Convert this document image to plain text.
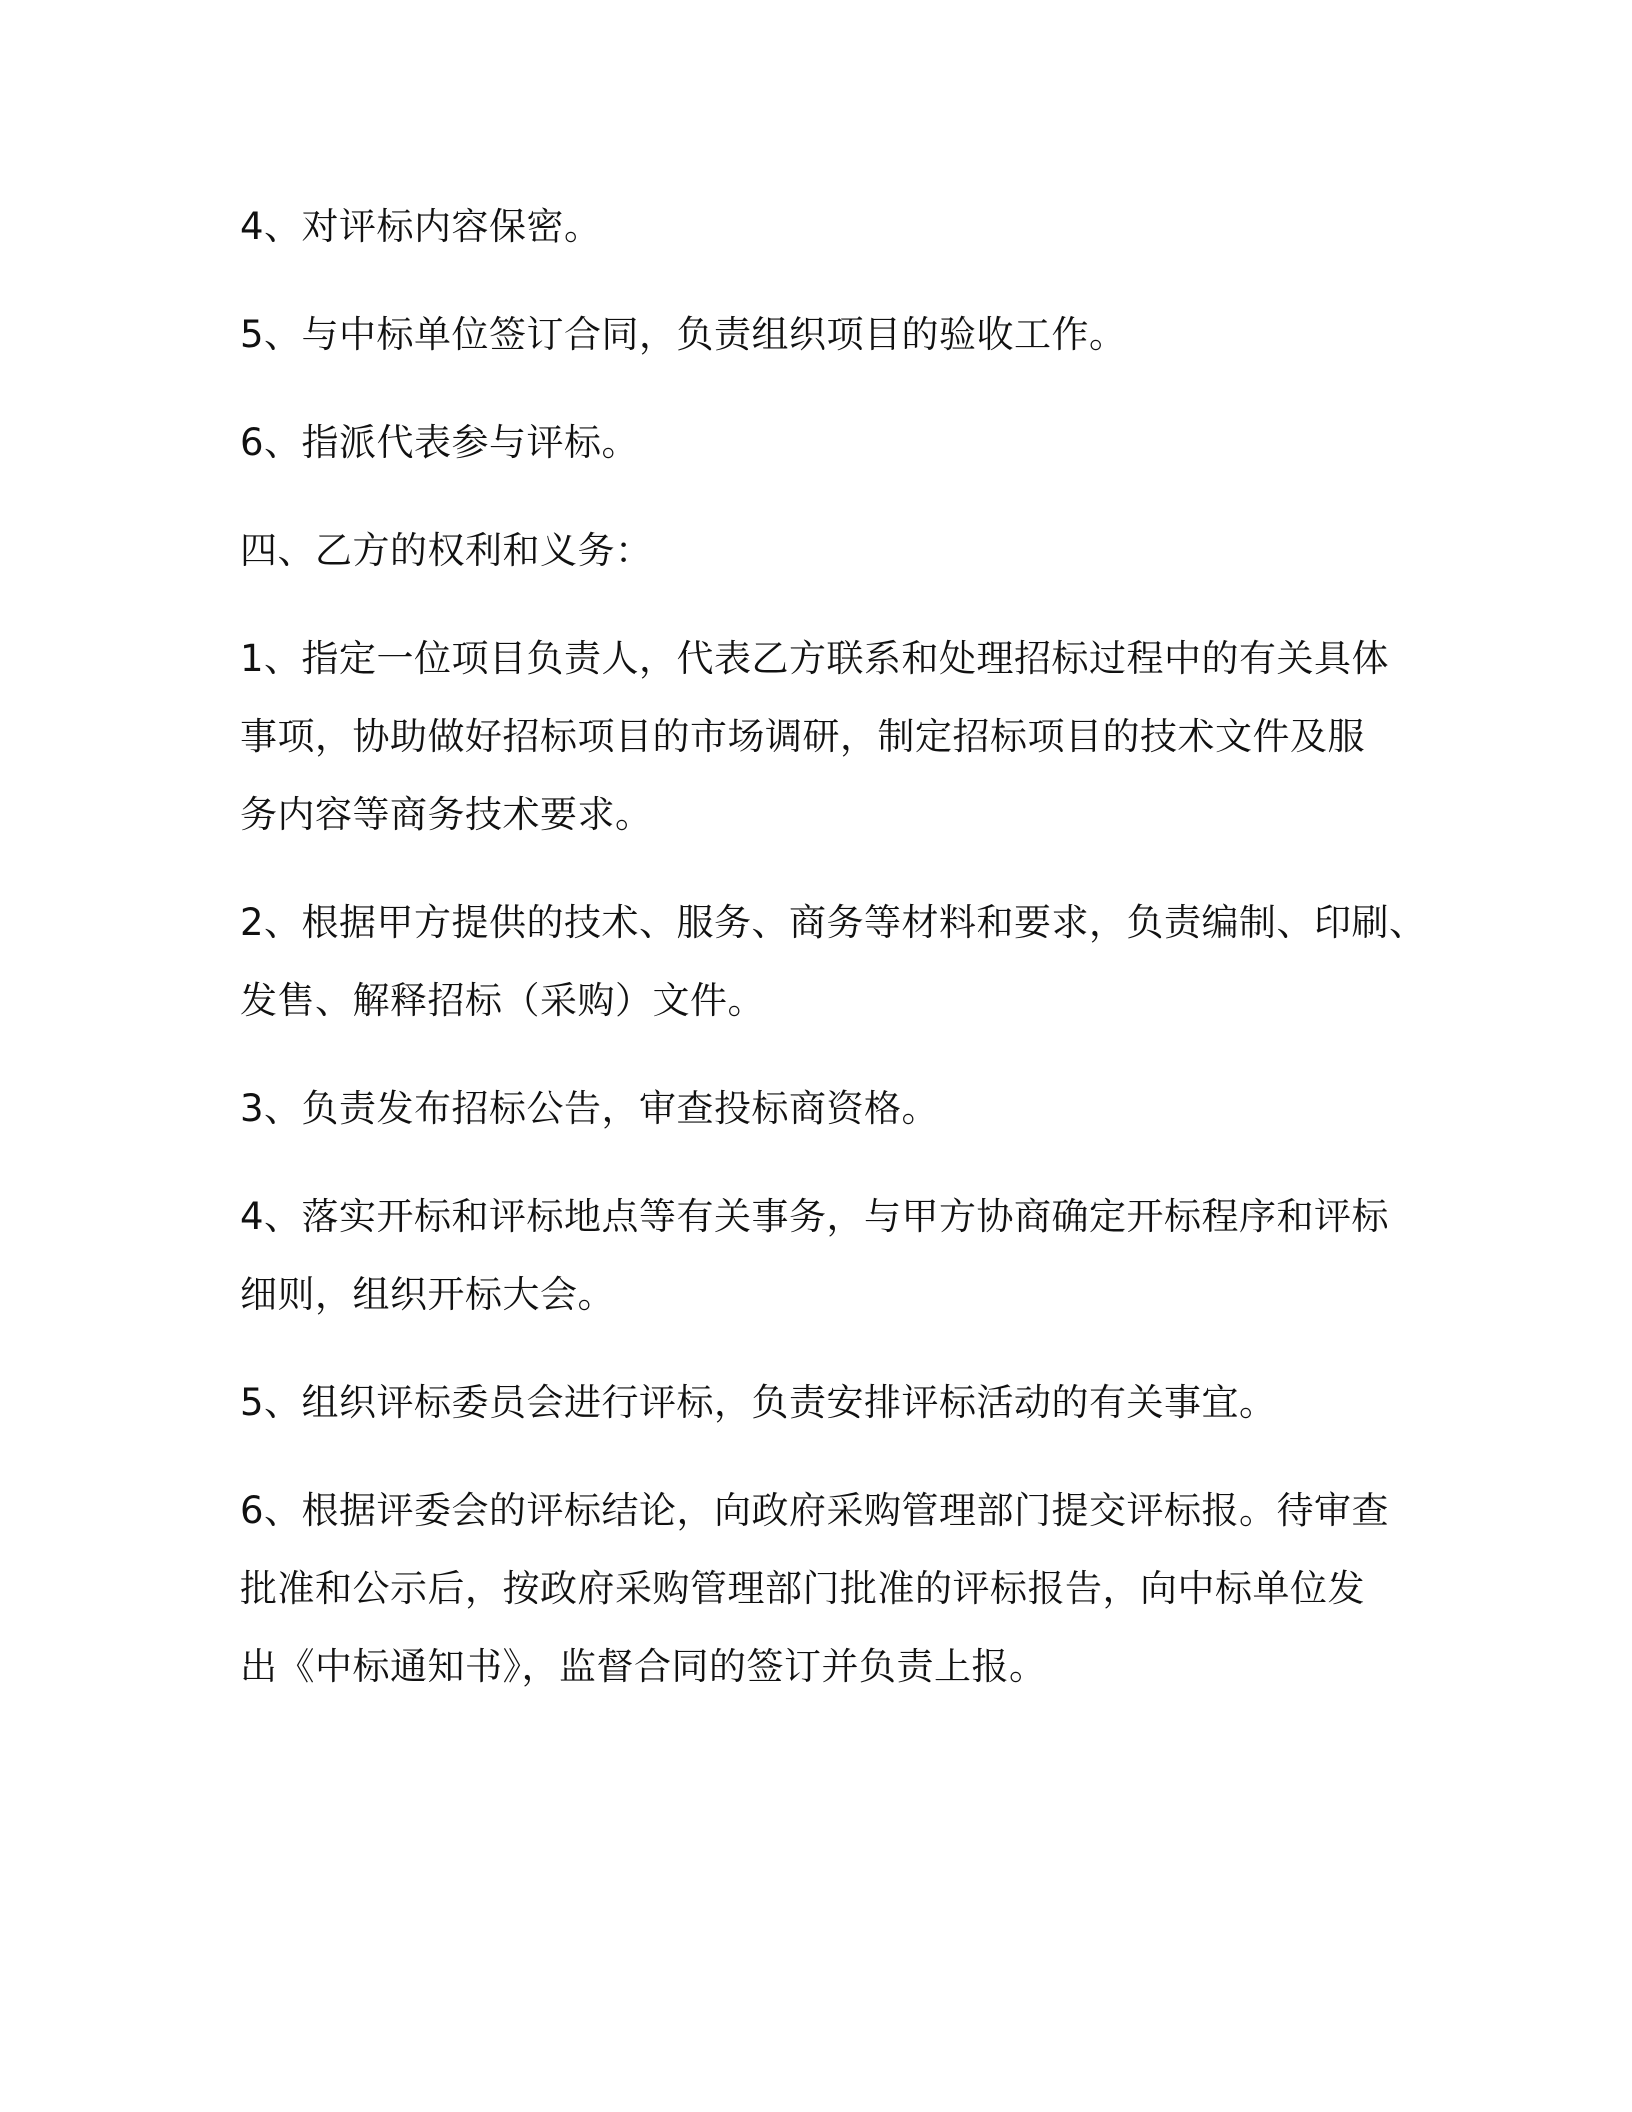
4、对评标内容保密。

5、与中标单位签订合同，负责组织项目的验收工作。

6、指派代表参与评标。

四、乙方的权利和义务：

1、指定一位项目负责人，代表乙方联系和处理招标过程中的有关具体
事项，协助做好招标项目的市场调研，制定招标项目的技术文件及服
务内容等商务技术要求。

2、根据甲方提供的技术、服务、商务等材料和要求，负责编制、印刷、
发售、解释招标（采购）文件。

3、负责发布招标公告，审查投标商资格。

4、落实开标和评标地点等有关事务，与甲方协商确定开标程序和评标
细则，组织开标大会。

5、组织评标委员会进行评标，负责安排评标活动的有关事宜。

6、根据评委会的评标结论，向政府采购管理部门提交评标报。待审查
批准和公示后，按政府采购管理部门批准的评标报告，向中标单位发
出《中标通知书》，监督合同的签订并负责上报。
